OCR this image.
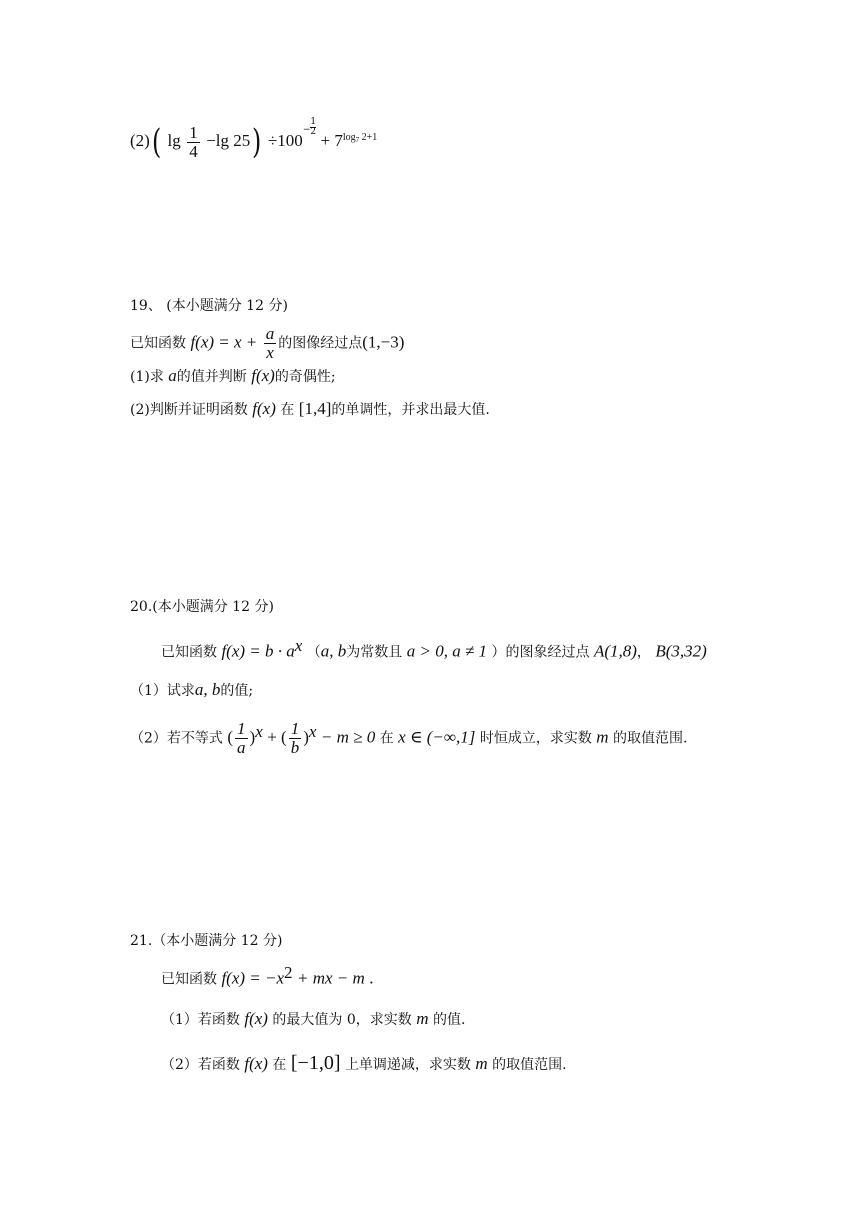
(2)( $\lg \frac{1}{4} -\lg$ 25) ÷100
− $\frac{1}{2}$
+ $7^{log_7 2+1}$
19、 (本小题满分 12 分)
已知函数 $f(x) = x + \frac{a}{x}$ 的图像经过点(1,−3)
(1)求 a的值并判断 f(x)的奇偶性;
(2)判断并证明函数 f(x) 在 [1,4]的单调性，并求出最大值.
20.(本小题满分 12 分)
已知函数 $f(x) = b \cdot a^x$ （a, b为常数且 a > 0, a ≠ 1 ）的图象经过点 A(1,8)， B(3,32)
（1）试求a, b的值;
（2）若不等式 ( $\frac{1}{a} )^x$ + ( $\frac{1}{b} )^x - m \ge 0$ 在 x ∈ (−∞,1] 时恒成立，求实数 m 的取值范围.
21.（本小题满分 12 分)
已知函数 $f(x) = -x^2$ + mx − m .
（1）若函数 f(x) 的最大值为 0，求实数 m 的值.
（2）若函数 f(x) 在 [−1,0] 上单调递减，求实数 m 的取值范围.
